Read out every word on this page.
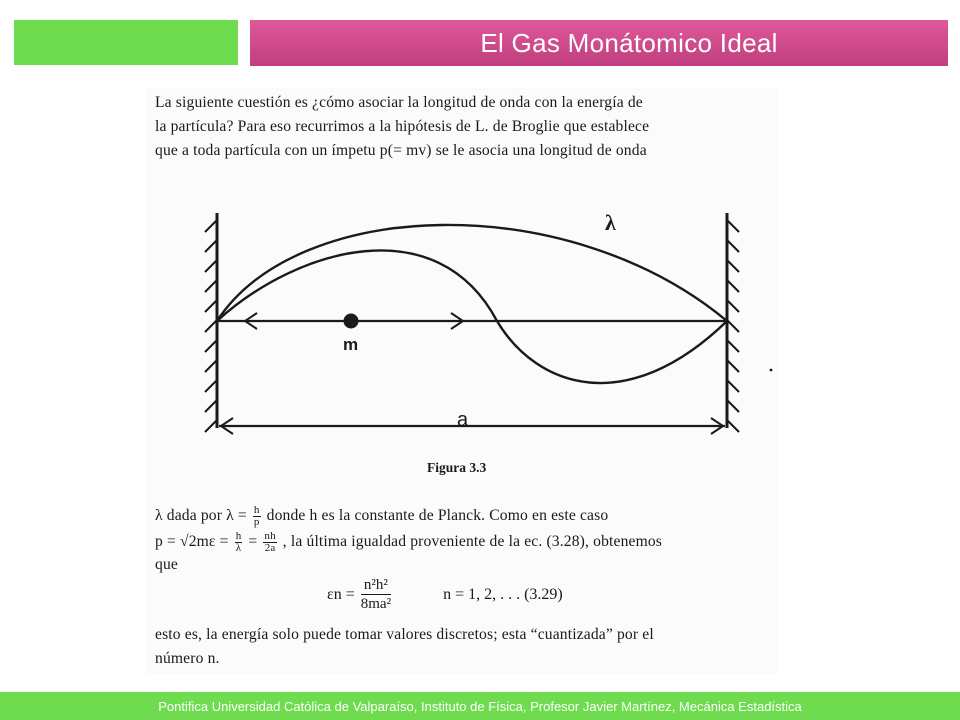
El Gas Monátomico Ideal
La siguiente cuestión es ¿cómo asociar la longitud de onda con la energía de
la partícula? Para eso recurrimos a la hipótesis de L. de Broglie que establece
que a toda partícula con un ímpetu p(= mv) se le asocia una longitud de onda
m
λ
a
Figura 3.3
λ dada por $\lambda = \frac{h}{p}$ donde h es la constante de Planck. Como en este caso
$p = √2m\varepsilon = \frac{h}{\lambda} = \frac{nh}{2a}$ , la última igualdad proveniente de la ec. (3.28), obtenemos
que
$\varepsilon n = \frac{\text{n²h²}}{\text{8ma²}}$	n = 1, 2, . . . (3.29)
esto es, la energía solo puede tomar valores discretos; esta “cuantizada” por el
número n.
Pontifica Universidad Católica de Valparaíso, Instituto de Física, Profesor Javier Martínez, Mecánica Estadística
